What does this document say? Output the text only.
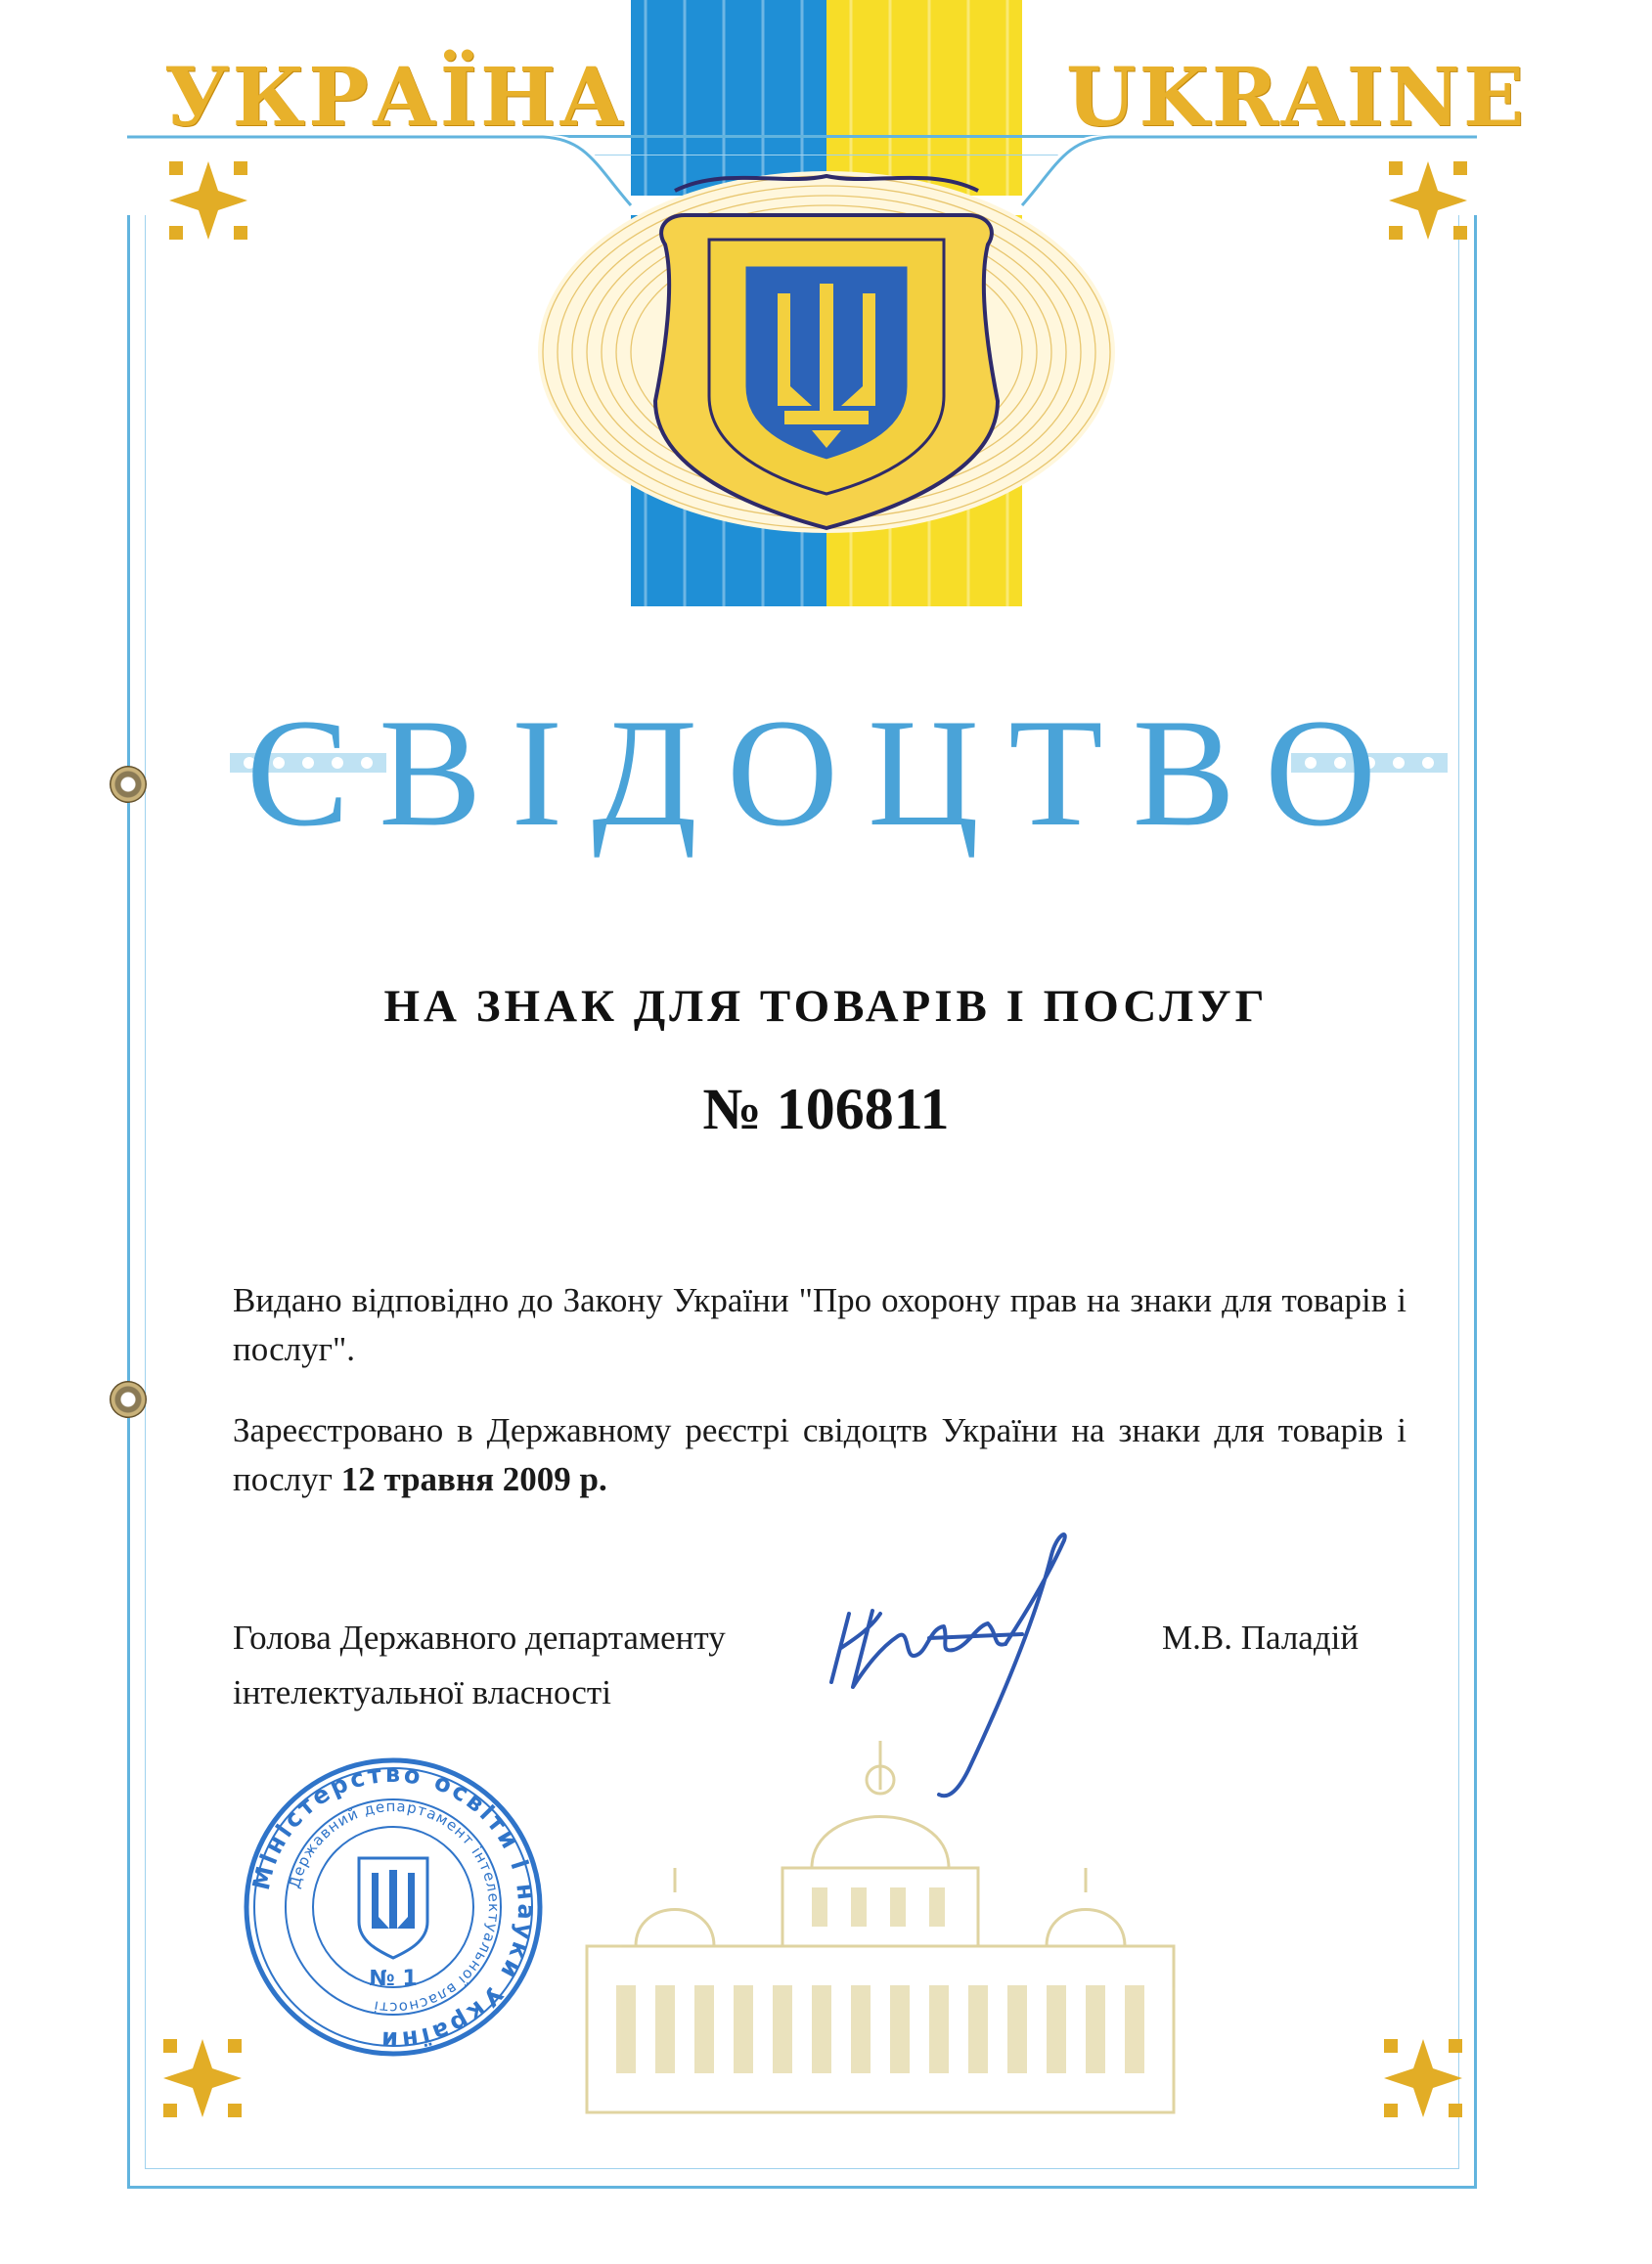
УКРАЇНА	UKRAINE
СВІДОЦТВО
НА ЗНАК ДЛЯ ТОВАРІВ І ПОСЛУГ
№ 106811
Видано відповідно до Закону України "Про охорону прав на знаки для товарів і послуг".
Зареєстровано в Державному реєстрі свідоцтв України на знаки для товарів і послуг 12 травня 2009 р.
Голова Державного департаменту
інтелектуальної власності
М.В. Паладій
Міністерство освіти і науки України
Державний департамент інтелектуальної власності
№ 1
